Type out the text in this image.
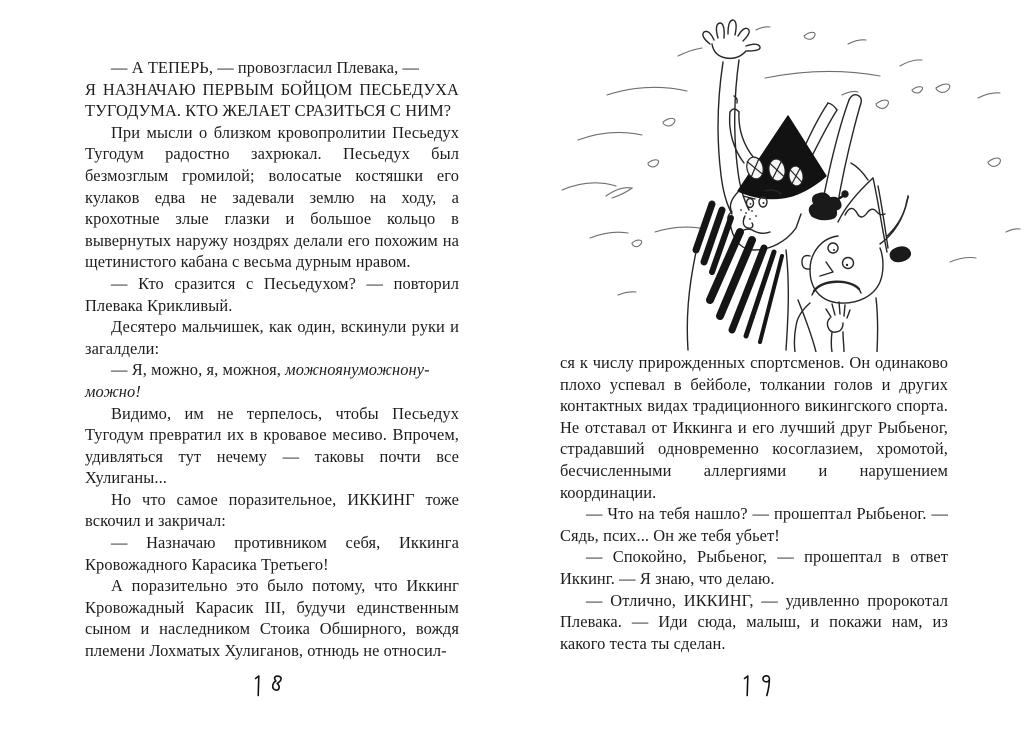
— А ТЕПЕРЬ, — провозгласил Плевака, —
Я НАЗНАЧАЮ ПЕРВЫМ БОЙЦОМ ПЕСЬЕДУХА ТУГОДУМА. КТО ЖЕЛАЕТ СРАЗИТЬСЯ С НИМ?

При мысли о близком кровопролитии Песьедух Тугодум радостно захрюкал. Песьедух был безмозглым громилой; волосатые костяшки его кулаков едва не задевали землю на ходу, а крохотные злые глазки и большое кольцо в вывернутых наружу ноздрях делали его похожим на щетинистого кабана с весьма дурным нравом.

— Кто сразится с Песьедухом? — повторил Плевака Крикливый.

Десятеро мальчишек, как один, вскинули руки и загалдели:

— Я, можно, я, можноя, можноянуможнону-
можно!

Видимо, им не терпелось, чтобы Песьедух Тугодум превратил их в кровавое месиво. Впрочем, удивляться тут нечему — таковы почти все Хулиганы...

Но что самое поразительное, ИККИНГ тоже вскочил и закричал:

— Назначаю противником себя, Иккинга Кровожадного Карасика Третьего!

А поразительно это было потому, что Иккинг Кровожадный Карасик III, будучи единственным сыном и наследником Стоика Обширного, вождя племени Лохматых Хулиганов, отнюдь не относил-

ся к числу прирожденных спортсменов. Он одинаково плохо успевал в бейболе, толкании голов и других контактных видах традиционного викингского спорта. Не отставал от Иккинга и его лучший друг Рыбьеног, страдавший одновременно косоглазием, хромотой, бесчисленными аллергиями и нарушением координации.

— Что на тебя нашло? — прошептал Рыбьеног. — Сядь, псих... Он же тебя убьет!

— Спокойно, Рыбьеног, — прошептал в ответ Иккинг. — Я знаю, что делаю.

— Отлично, ИККИНГ, — удивленно пророкотал Плевака. — Иди сюда, малыш, и покажи нам, из какого теста ты сделан.
